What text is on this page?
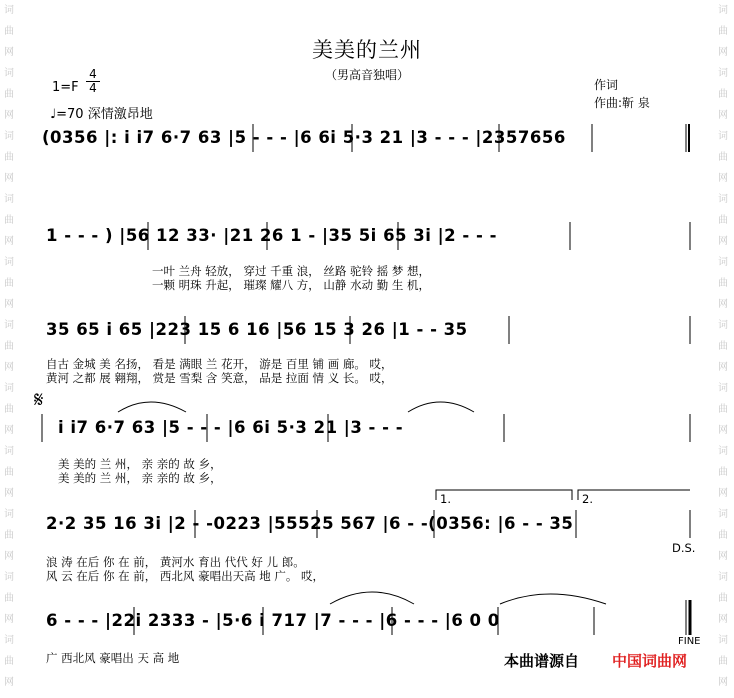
词
曲
网
词
曲
网
词
曲
网
词
曲
网
词
曲
网
词
曲
网
词
曲
网
词
曲
网
词
曲
网
词
曲
网
词
曲
网
词
曲
网
词
曲
网
词
曲
网
词
曲
网
词
曲
网
词
曲
网
词
曲
网
词
曲
网
词
曲
网
词
曲
网
词
曲
网
美美的兰州
（男高音独唱）
1=F
4
4
♩=70 深情激昂地
作词
作曲:靳 泉
(0356 |: i i7 6·7 63 |5 - - - |6 6i 5·3 21 |3 - - - |2357656
1 - - - ) |56 12 33· |21 26 1 - |35 5i 65 3i |2 - - -
一叶 兰舟 轻放， 穿过 千重 浪， 丝路 驼铃 摇 梦 想，
一颗 明珠 升起， 璀璨 耀八 方， 山静 水动 勤 生 机，
35 65 i 65 |223 15 6 16 |56 15 3 26 |1 - - 35
自古 金城 美 名扬， 看是 满眼 兰 花开， 游是 百里 铺 画 廊。 哎，
黄河 之都 展 翱翔， 赏是 雪梨 含 笑意， 品是 拉面 情 义 长。 哎，
𝄋
i i7 6·7 63 |5 - - - |6 6i 5·3 21 |3 - - -
美 美的 兰 州， 亲 亲的 故 乡，
美 美的 兰 州， 亲 亲的 故 乡，
1.	2.
2·2 35 16 3i |2 - -0223 |55525 567 |6 - -(0356: |6 - - 35
D.S.
浪 涛 在后 你 在 前， 黄河水 育出 代代 好 儿 郎。
风 云 在后 你 在 前， 西北风 豪唱出天高 地 广。 哎，
6 - - - |22i 2333 - |5·6 i 717 |7 - - - |6 - - - |6 0 0
FINE
广 西北风 豪唱出 天 高 地	本曲谱源自 中国词曲网
